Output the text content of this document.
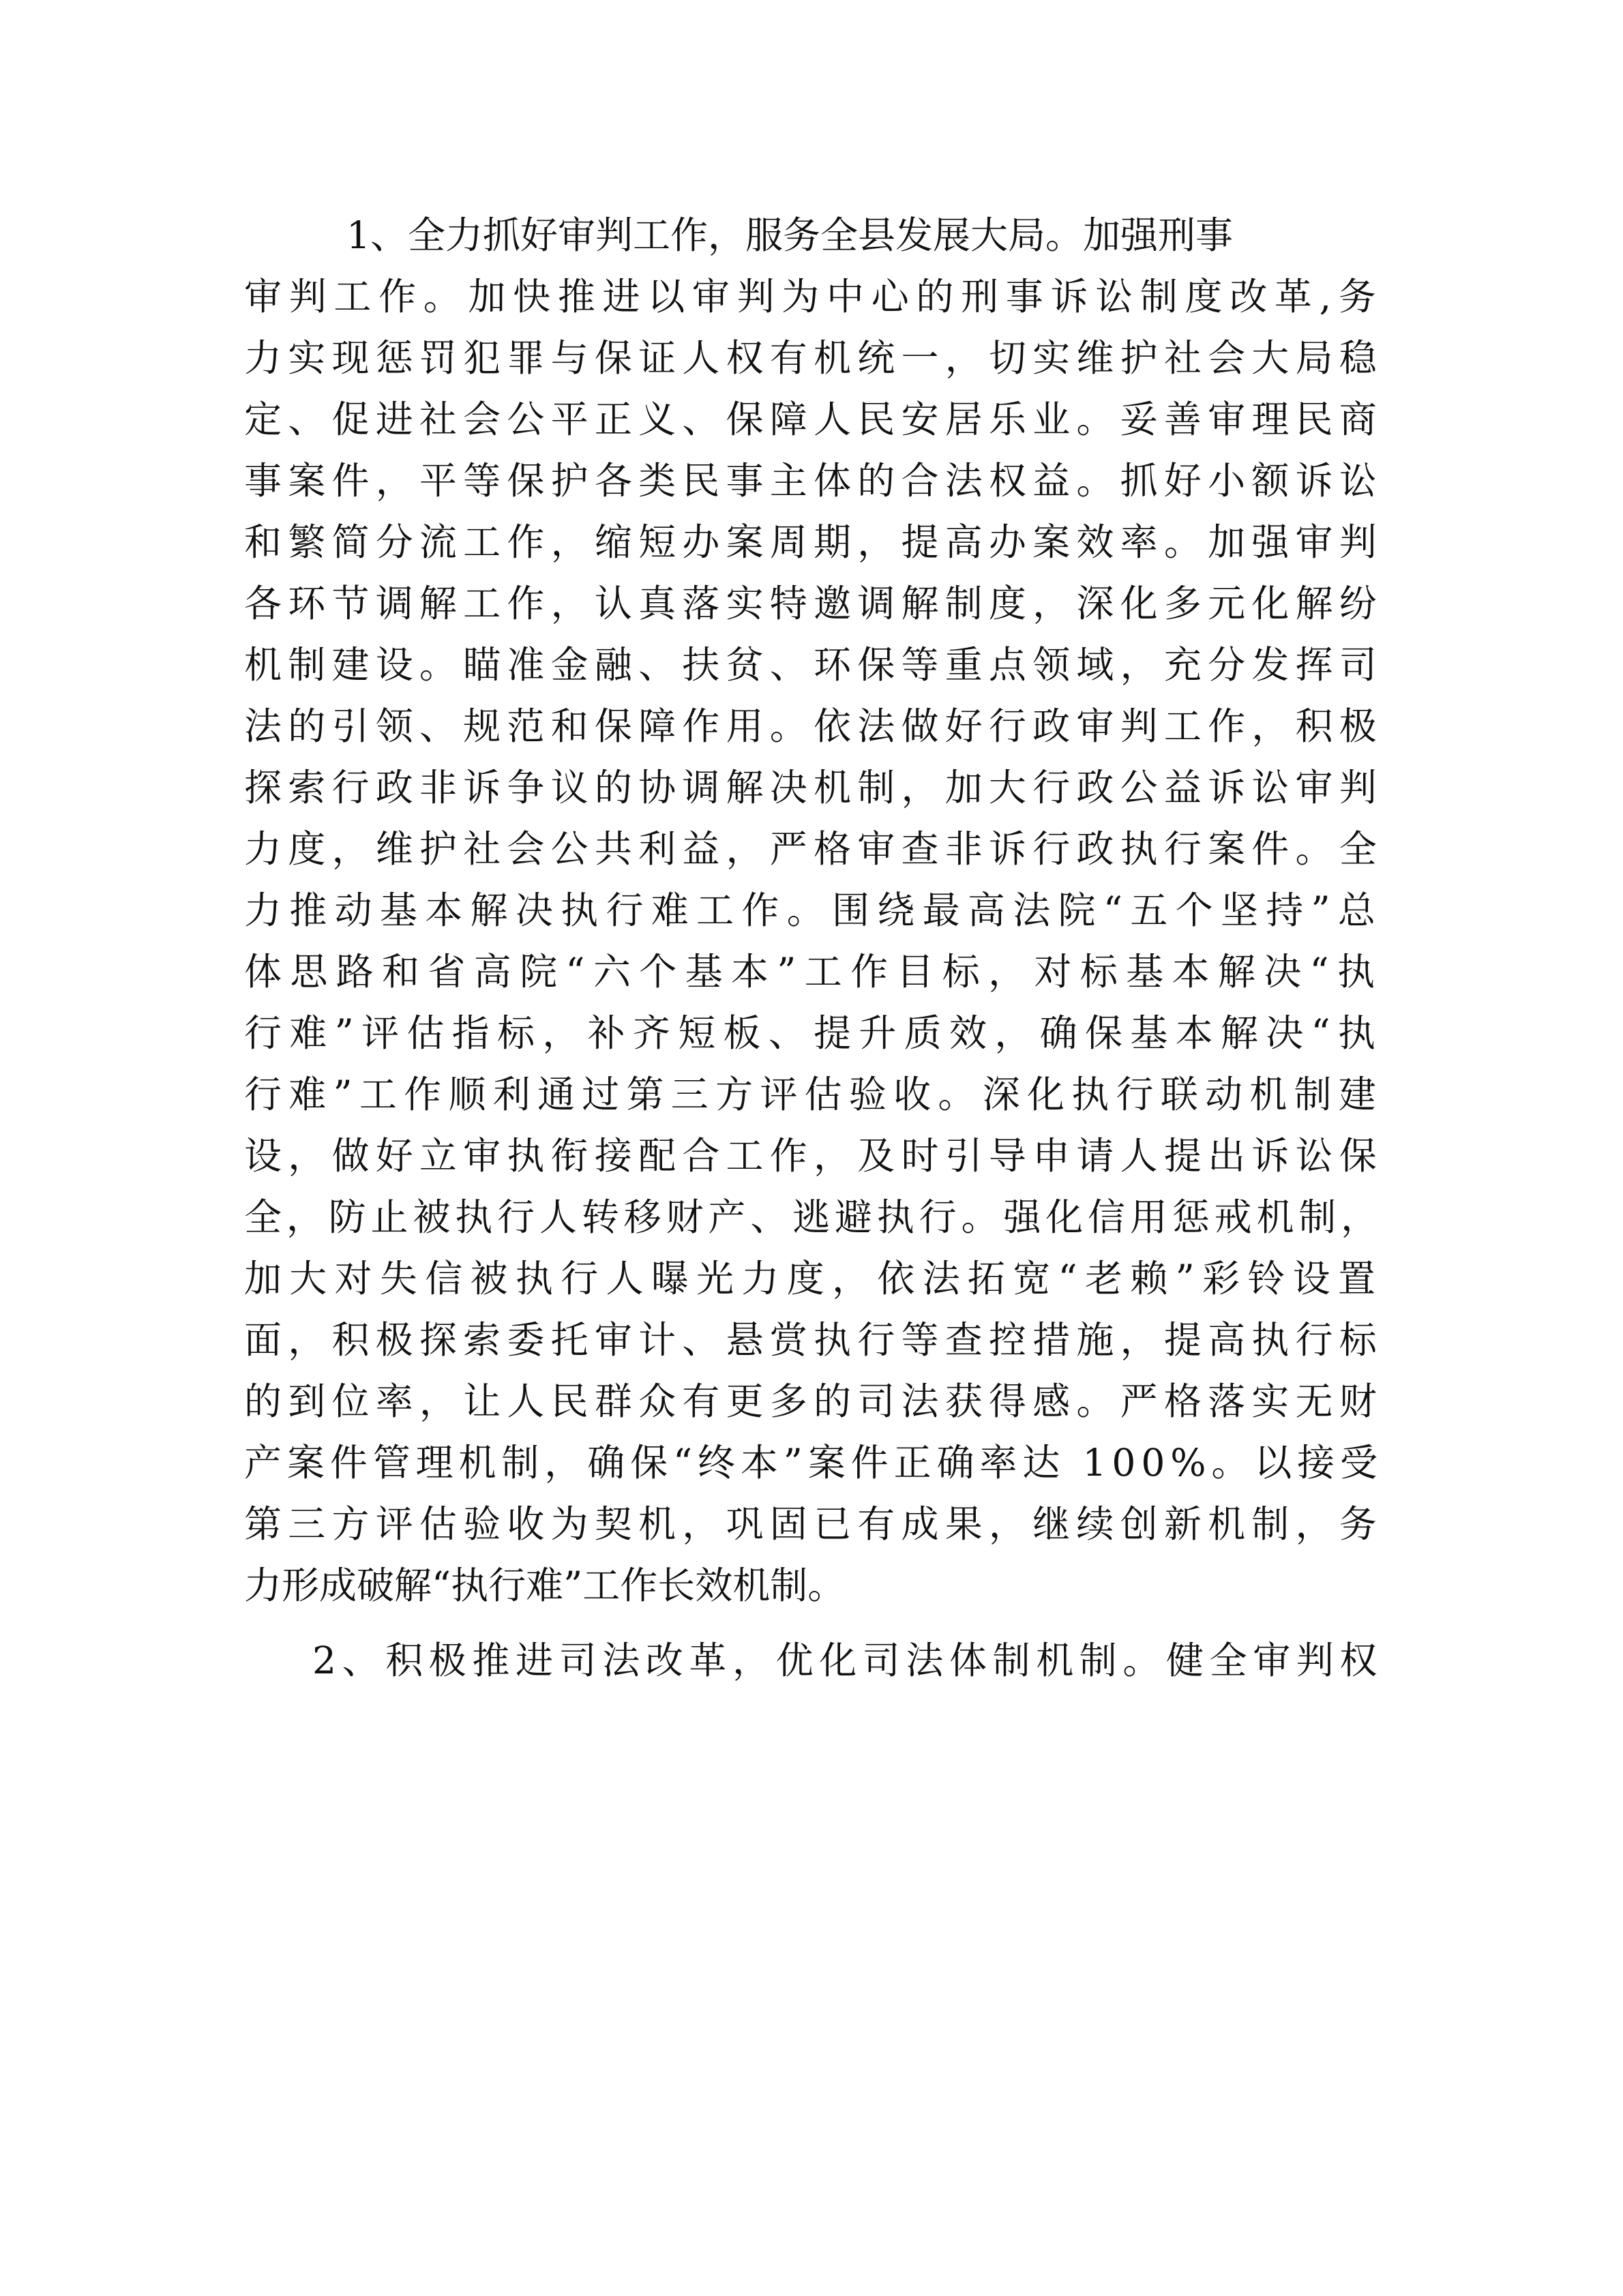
1、全力抓好审判工作，服务全县发展大局。加强刑事
审判工作。加快推进以审判为中心的刑事诉讼制度改革,务
力实现惩罚犯罪与保证人权有机统一，切实维护社会大局稳
定、促进社会公平正义、保障人民安居乐业。妥善审理民商
事案件，平等保护各类民事主体的合法权益。抓好小额诉讼
和繁简分流工作，缩短办案周期，提高办案效率。加强审判
各环节调解工作，认真落实特邀调解制度，深化多元化解纷
机制建设。瞄准金融、扶贫、环保等重点领域，充分发挥司
法的引领、规范和保障作用。依法做好行政审判工作，积极
探索行政非诉争议的协调解决机制，加大行政公益诉讼审判
力度，维护社会公共利益，严格审查非诉行政执行案件。全
力推动基本解决执行难工作。围绕最高法院“五个坚持”总
体思路和省高院“六个基本”工作目标，对标基本解决“执
行难”评估指标，补齐短板、提升质效，确保基本解决“执
行难”工作顺利通过第三方评估验收。深化执行联动机制建
设，做好立审执衔接配合工作，及时引导申请人提出诉讼保
全，防止被执行人转移财产、逃避执行。强化信用惩戒机制，
加大对失信被执行人曝光力度，依法拓宽“老赖”彩铃设置
面，积极探索委托审计、悬赏执行等查控措施，提高执行标
的到位率，让人民群众有更多的司法获得感。严格落实无财
产案件管理机制，确保“终本”案件正确率达 100%。以接受
第三方评估验收为契机，巩固已有成果，继续创新机制，务
力形成破解“执行难”工作长效机制。
2、积极推进司法改革，优化司法体制机制。健全审判权
